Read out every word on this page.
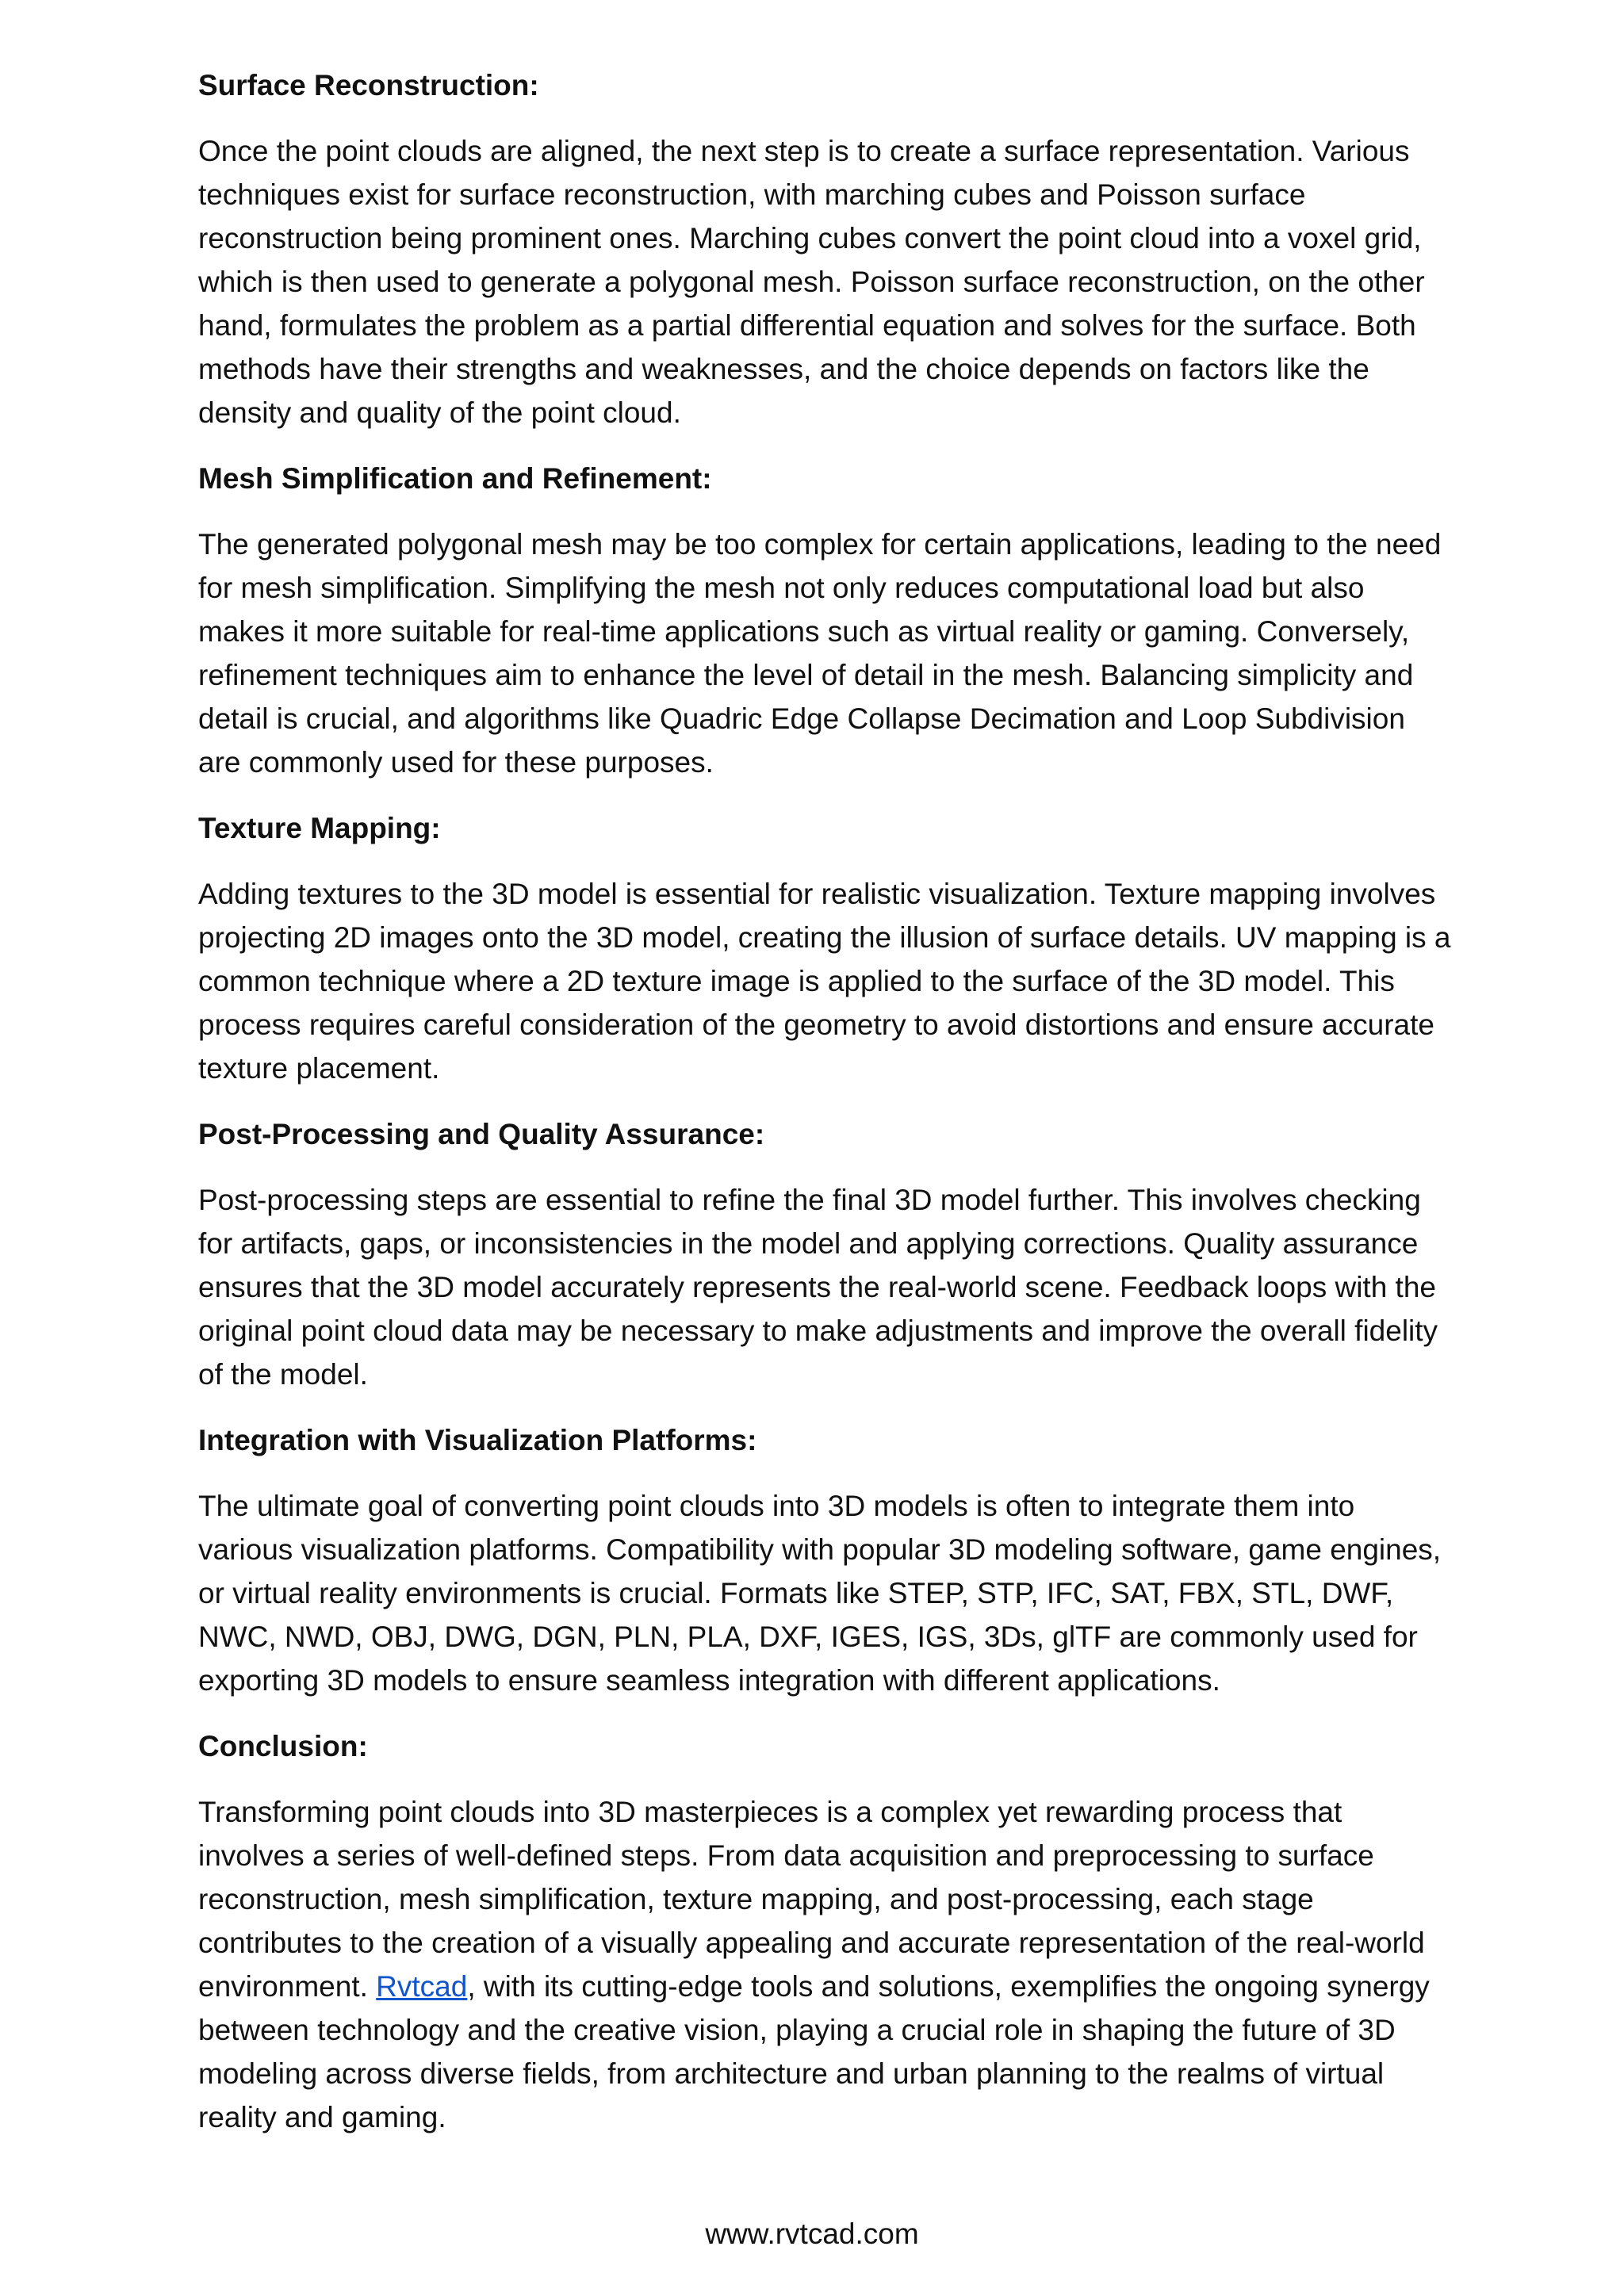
Surface Reconstruction:
Once the point clouds are aligned, the next step is to create a surface representation. Various techniques exist for surface reconstruction, with marching cubes and Poisson surface reconstruction being prominent ones. Marching cubes convert the point cloud into a voxel grid, which is then used to generate a polygonal mesh. Poisson surface reconstruction, on the other hand, formulates the problem as a partial differential equation and solves for the surface. Both methods have their strengths and weaknesses, and the choice depends on factors like the density and quality of the point cloud.
Mesh Simplification and Refinement:
The generated polygonal mesh may be too complex for certain applications, leading to the need for mesh simplification. Simplifying the mesh not only reduces computational load but also makes it more suitable for real-time applications such as virtual reality or gaming. Conversely, refinement techniques aim to enhance the level of detail in the mesh. Balancing simplicity and detail is crucial, and algorithms like Quadric Edge Collapse Decimation and Loop Subdivision are commonly used for these purposes.
Texture Mapping:
Adding textures to the 3D model is essential for realistic visualization. Texture mapping involves projecting 2D images onto the 3D model, creating the illusion of surface details. UV mapping is a common technique where a 2D texture image is applied to the surface of the 3D model. This process requires careful consideration of the geometry to avoid distortions and ensure accurate texture placement.
Post-Processing and Quality Assurance:
Post-processing steps are essential to refine the final 3D model further. This involves checking for artifacts, gaps, or inconsistencies in the model and applying corrections. Quality assurance ensures that the 3D model accurately represents the real-world scene. Feedback loops with the original point cloud data may be necessary to make adjustments and improve the overall fidelity of the model.
Integration with Visualization Platforms:
The ultimate goal of converting point clouds into 3D models is often to integrate them into various visualization platforms. Compatibility with popular 3D modeling software, game engines, or virtual reality environments is crucial. Formats like STEP, STP, IFC, SAT, FBX, STL, DWF, NWC, NWD, OBJ, DWG, DGN, PLN, PLA, DXF, IGES, IGS, 3Ds, glTF are commonly used for exporting 3D models to ensure seamless integration with different applications.
Conclusion:
Transforming point clouds into 3D masterpieces is a complex yet rewarding process that involves a series of well-defined steps. From data acquisition and preprocessing to surface reconstruction, mesh simplification, texture mapping, and post-processing, each stage contributes to the creation of a visually appealing and accurate representation of the real-world environment. Rvtcad, with its cutting-edge tools and solutions, exemplifies the ongoing synergy between technology and the creative vision, playing a crucial role in shaping the future of 3D modeling across diverse fields, from architecture and urban planning to the realms of virtual reality and gaming.
www.rvtcad.com
